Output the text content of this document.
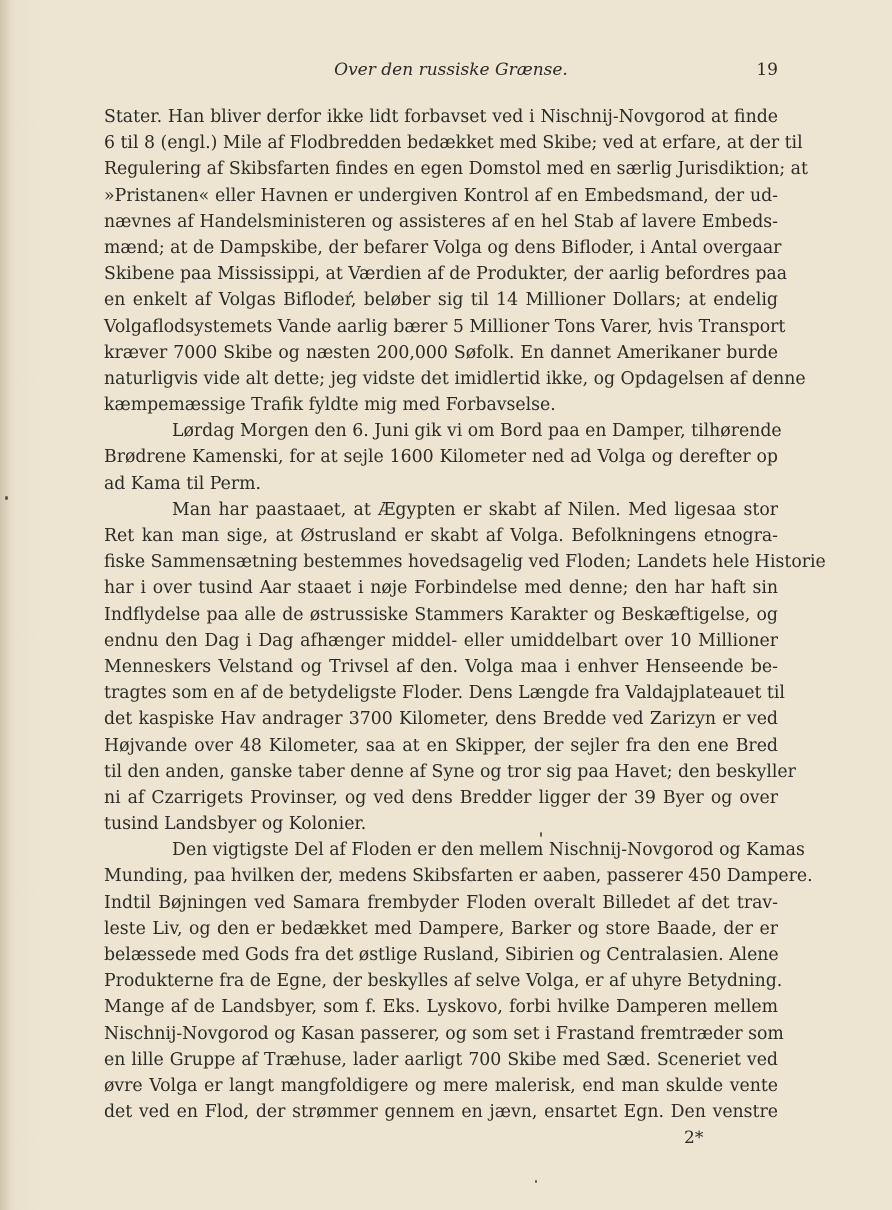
Over den russiske Grænse.	19
Stater. Han bliver derfor ikke lidt forbavset ved i Nischnij-Novgorod at finde
6 til 8 (engl.) Mile af Flodbredden bedækket med Skibe; ved at erfare, at der til
Regulering af Skibsfarten findes en egen Domstol med en særlig Jurisdiktion; at
»Pristanen« eller Havnen er undergiven Kontrol af en Embedsmand, der ud-
nævnes af Handelsministeren og assisteres af en hel Stab af lavere Embeds-
mænd; at de Dampskibe, der befarer Volga og dens Bifloder, i Antal overgaar
Skibene paa Mississippi, at Værdien af de Produkter, der aarlig befordres paa
en enkelt af Volgas Biflodeŕ, beløber sig til 14 Millioner Dollars; at endelig
Volgaflodsystemets Vande aarlig bærer 5 Millioner Tons Varer, hvis Transport
kræver 7000 Skibe og næsten 200,000 Søfolk. En dannet Amerikaner burde
naturligvis vide alt dette; jeg vidste det imidlertid ikke, og Opdagelsen af denne
kæmpemæssige Trafik fyldte mig med Forbavselse.
Lørdag Morgen den 6. Juni gik vi om Bord paa en Damper, tilhørende
Brødrene Kamenski, for at sejle 1600 Kilometer ned ad Volga og derefter op
ad Kama til Perm.
Man har paastaaet, at Ægypten er skabt af Nilen. Med ligesaa stor
Ret kan man sige, at Østrusland er skabt af Volga. Befolkningens etnogra-
fiske Sammensætning bestemmes hovedsagelig ved Floden; Landets hele Historie
har i over tusind Aar staaet i nøje Forbindelse med denne; den har haft sin
Indflydelse paa alle de østrussiske Stammers Karakter og Beskæftigelse, og
endnu den Dag i Dag afhænger middel- eller umiddelbart over 10 Millioner
Menneskers Velstand og Trivsel af den. Volga maa i enhver Henseende be-
tragtes som en af de betydeligste Floder. Dens Længde fra Valdajplateauet til
det kaspiske Hav andrager 3700 Kilometer, dens Bredde ved Zarizyn er ved
Højvande over 48 Kilometer, saa at en Skipper, der sejler fra den ene Bred
til den anden, ganske taber denne af Syne og tror sig paa Havet; den beskyller
ni af Czarrigets Provinser, og ved dens Bredder ligger der 39 Byer og over
tusind Landsbyer og Kolonier.
Den vigtigste Del af Floden er den mellem Nischnij-Novgorod og Kamas
Munding, paa hvilken der, medens Skibsfarten er aaben, passerer 450 Dampere.
Indtil Bøjningen ved Samara frembyder Floden overalt Billedet af det trav-
leste Liv, og den er bedækket med Dampere, Barker og store Baade, der er
belæssede med Gods fra det østlige Rusland, Sibirien og Centralasien. Alene
Produkterne fra de Egne, der beskylles af selve Volga, er af uhyre Betydning.
Mange af de Landsbyer, som f. Eks. Lyskovo, forbi hvilke Damperen mellem
Nischnij-Novgorod og Kasan passerer, og som set i Frastand fremtræder som
en lille Gruppe af Træhuse, lader aarligt 700 Skibe med Sæd. Sceneriet ved
øvre Volga er langt mangfoldigere og mere malerisk, end man skulde vente
det ved en Flod, der strømmer gennem en jævn, ensartet Egn. Den venstre
2*
